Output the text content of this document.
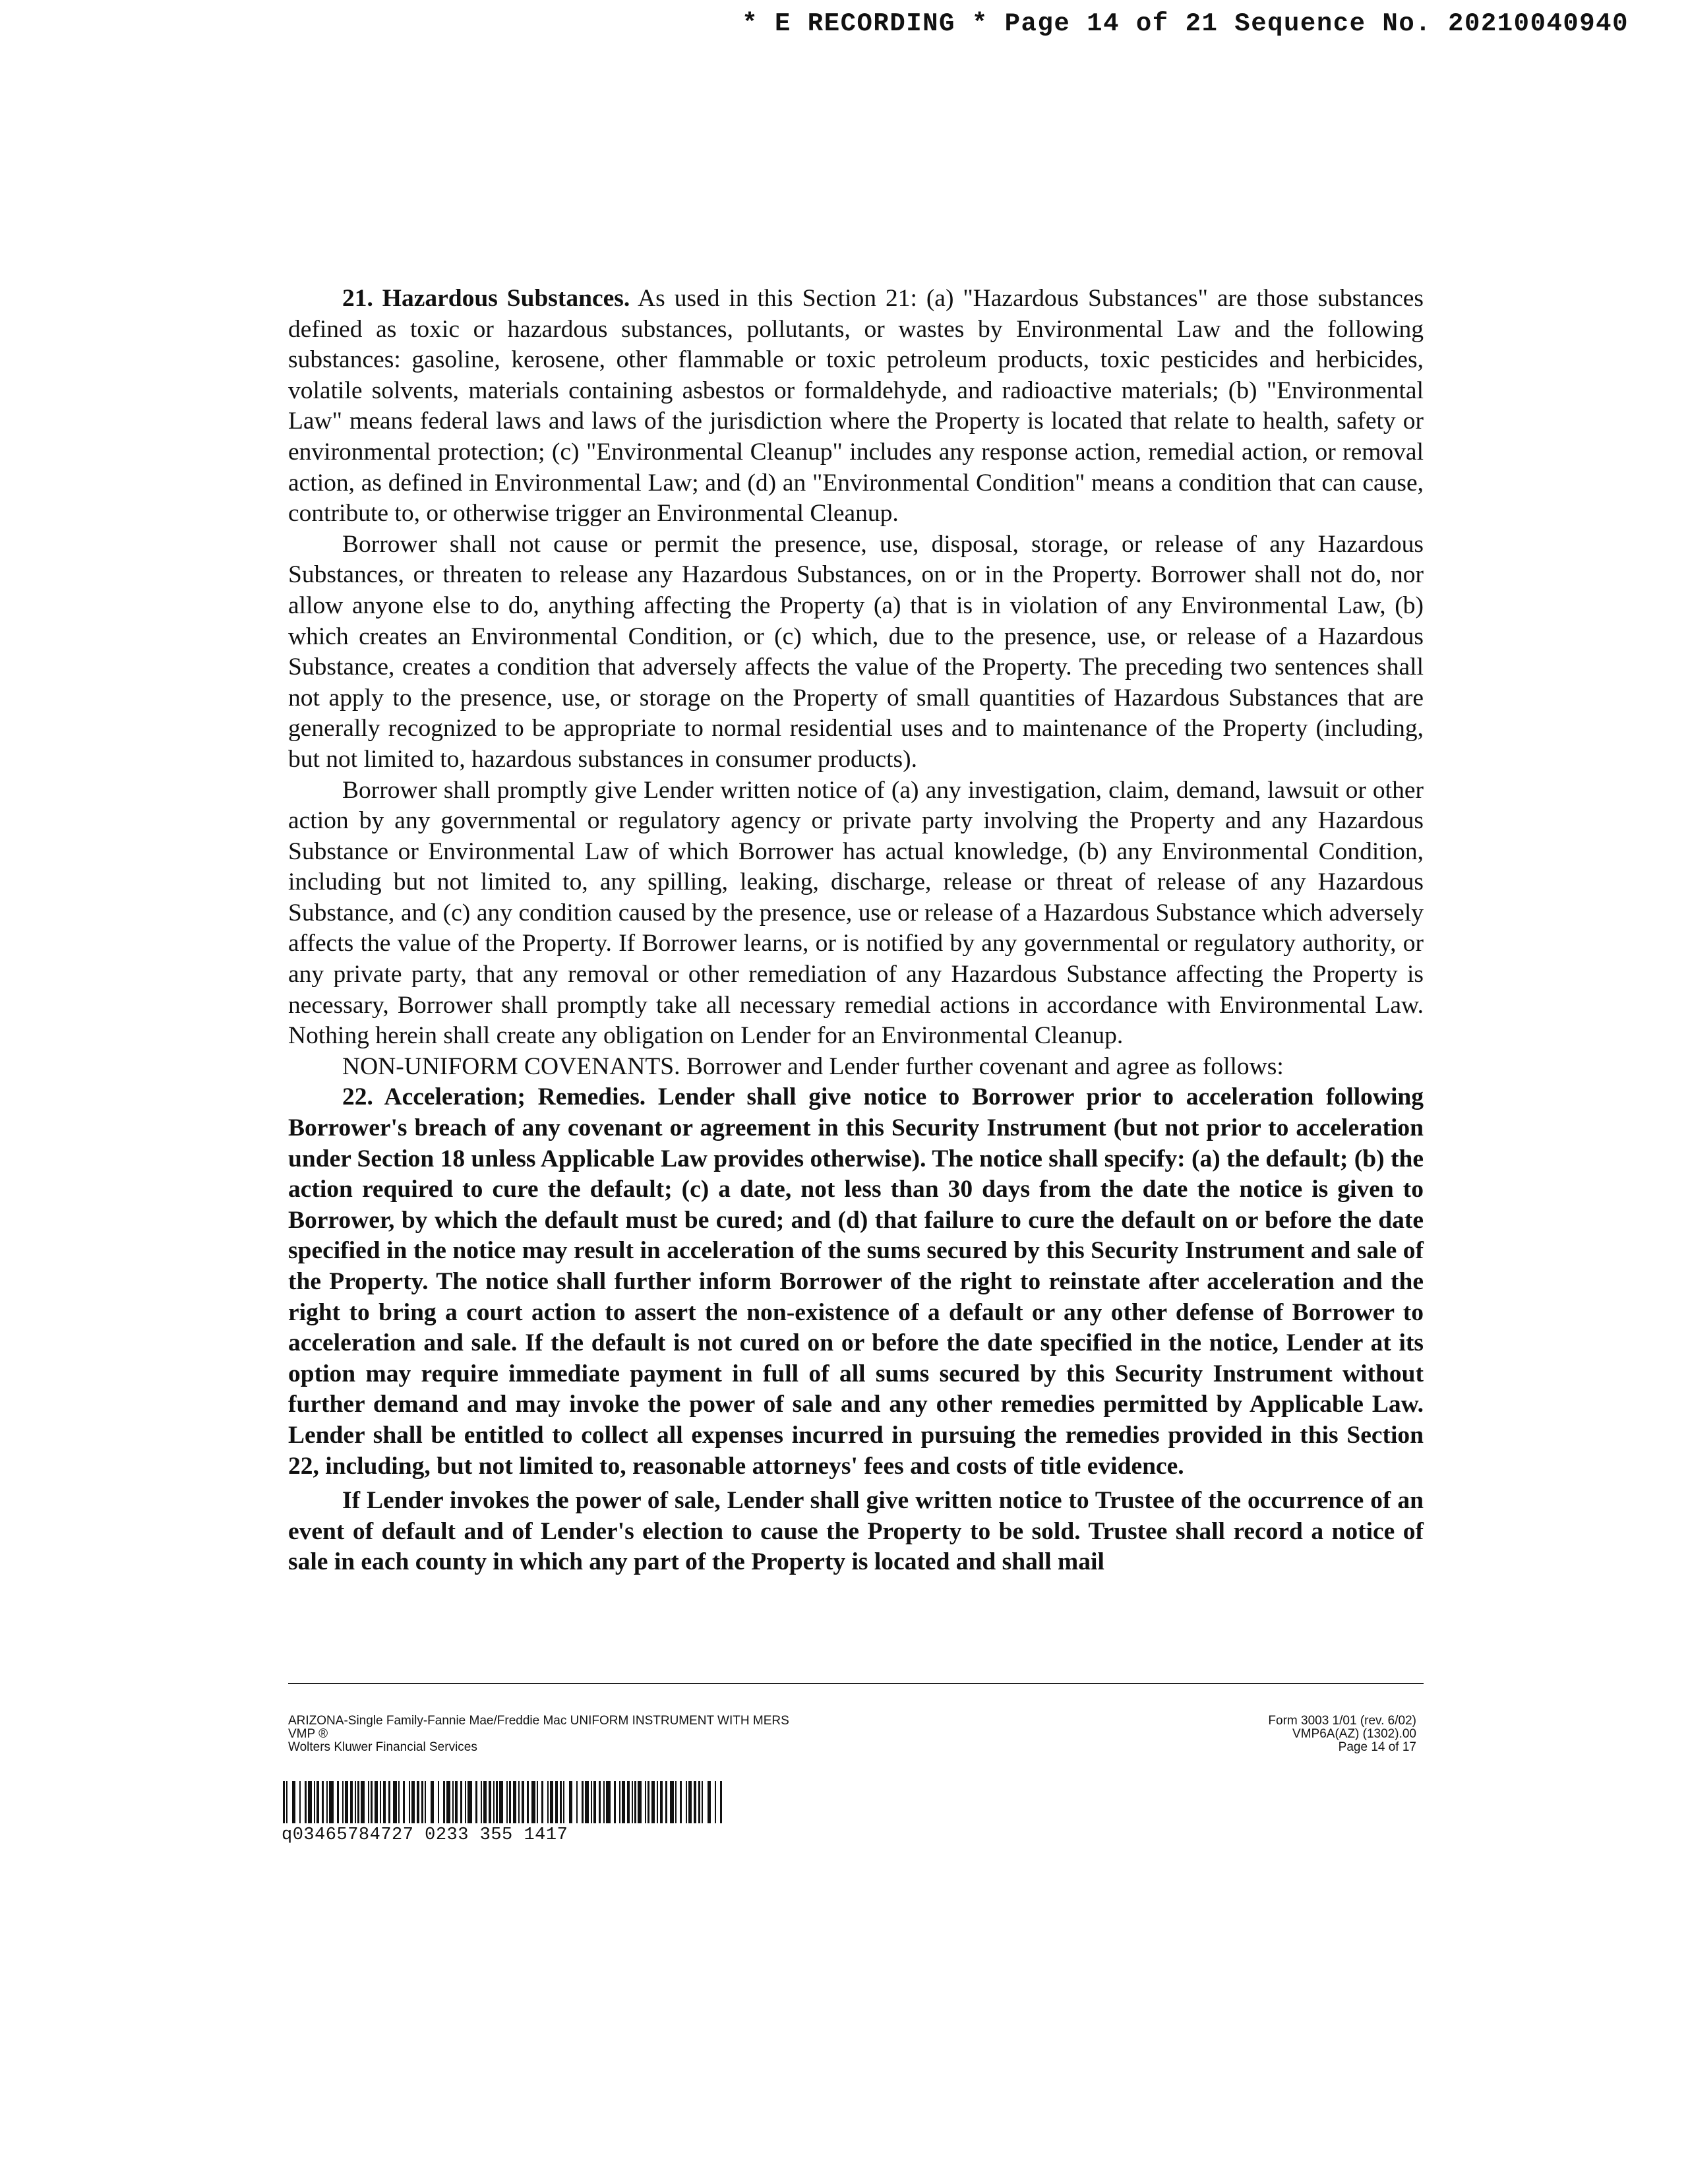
* E RECORDING * Page 14 of 21 Sequence No. 20210040940

21. Hazardous Substances. As used in this Section 21: (a) "Hazardous Substances" are those substances defined as toxic or hazardous substances, pollutants, or wastes by Environmental Law and the following substances: gasoline, kerosene, other flammable or toxic petroleum products, toxic pesticides and herbicides, volatile solvents, materials containing asbestos or formaldehyde, and radioactive materials; (b) "Environmental Law" means federal laws and laws of the jurisdiction where the Property is located that relate to health, safety or environmental protection; (c) "Environmental Cleanup" includes any response action, remedial action, or removal action, as defined in Environmental Law; and (d) an "Environmental Condition" means a condition that can cause, contribute to, or otherwise trigger an Environmental Cleanup.

Borrower shall not cause or permit the presence, use, disposal, storage, or release of any Hazardous Substances, or threaten to release any Hazardous Substances, on or in the Property. Borrower shall not do, nor allow anyone else to do, anything affecting the Property (a) that is in violation of any Environmental Law, (b) which creates an Environmental Condition, or (c) which, due to the presence, use, or release of a Hazardous Substance, creates a condition that adversely affects the value of the Property. The preceding two sentences shall not apply to the presence, use, or storage on the Property of small quantities of Hazardous Substances that are generally recognized to be appropriate to normal residential uses and to maintenance of the Property (including, but not limited to, hazardous substances in consumer products).

Borrower shall promptly give Lender written notice of (a) any investigation, claim, demand, lawsuit or other action by any governmental or regulatory agency or private party involving the Property and any Hazardous Substance or Environmental Law of which Borrower has actual knowledge, (b) any Environmental Condition, including but not limited to, any spilling, leaking, discharge, release or threat of release of any Hazardous Substance, and (c) any condition caused by the presence, use or release of a Hazardous Substance which adversely affects the value of the Property. If Borrower learns, or is notified by any governmental or regulatory authority, or any private party, that any removal or other remediation of any Hazardous Substance affecting the Property is necessary, Borrower shall promptly take all necessary remedial actions in accordance with Environmental Law. Nothing herein shall create any obligation on Lender for an Environmental Cleanup.

NON-UNIFORM COVENANTS. Borrower and Lender further covenant and agree as follows:

22. Acceleration; Remedies. Lender shall give notice to Borrower prior to acceleration following Borrower's breach of any covenant or agreement in this Security Instrument (but not prior to acceleration under Section 18 unless Applicable Law provides otherwise). The notice shall specify: (a) the default; (b) the action required to cure the default; (c) a date, not less than 30 days from the date the notice is given to Borrower, by which the default must be cured; and (d) that failure to cure the default on or before the date specified in the notice may result in acceleration of the sums secured by this Security Instrument and sale of the Property. The notice shall further inform Borrower of the right to reinstate after acceleration and the right to bring a court action to assert the non-existence of a default or any other defense of Borrower to acceleration and sale. If the default is not cured on or before the date specified in the notice, Lender at its option may require immediate payment in full of all sums secured by this Security Instrument without further demand and may invoke the power of sale and any other remedies permitted by Applicable Law. Lender shall be entitled to collect all expenses incurred in pursuing the remedies provided in this Section 22, including, but not limited to, reasonable attorneys' fees and costs of title evidence.

If Lender invokes the power of sale, Lender shall give written notice to Trustee of the occurrence of an event of default and of Lender's election to cause the Property to be sold. Trustee shall record a notice of sale in each county in which any part of the Property is located and shall mail

ARIZONA-Single Family-Fannie Mae/Freddie Mac UNIFORM INSTRUMENT WITH MERS
VMP ®
Wolters Kluwer Financial Services
Form 3003 1/01 (rev. 6/02)
VMP6A(AZ) (1302).00
Page 14 of 17
q03465784727 0233 355 1417
